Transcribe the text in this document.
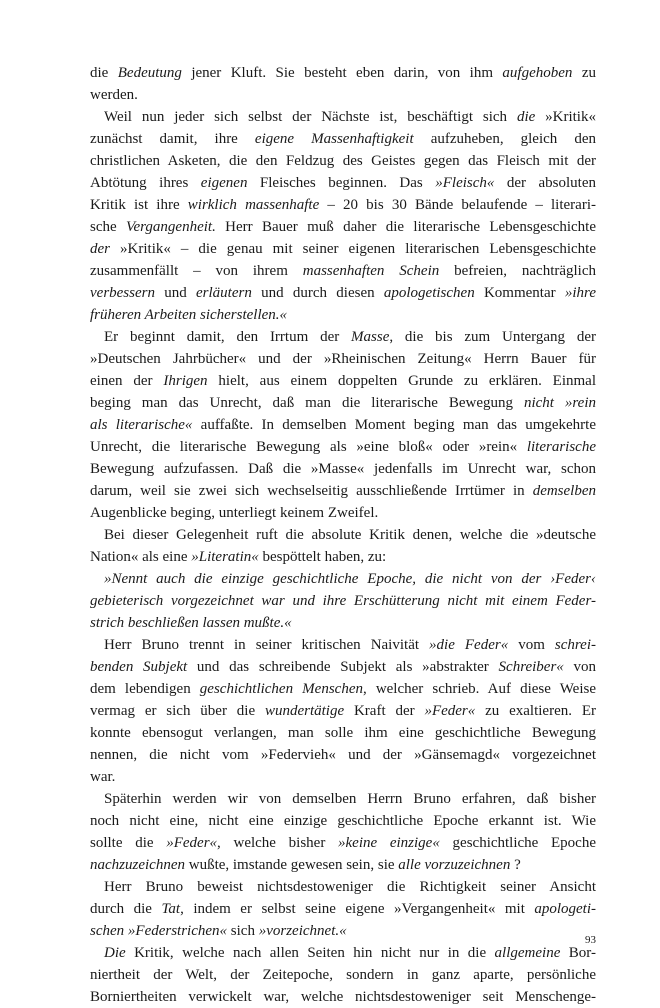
die Bedeutung jener Kluft. Sie besteht eben darin, von ihm aufgehoben zu
werden.
Weil nun jeder sich selbst der Nächste ist, beschäftigt sich die »Kritik«
zunächst damit, ihre eigene Massenhaftigkeit aufzuheben, gleich den
christlichen Asketen, die den Feldzug des Geistes gegen das Fleisch mit der
Abtötung ihres eigenen Fleisches beginnen. Das »Fleisch« der absoluten
Kritik ist ihre wirklich massenhafte – 20 bis 30 Bände belaufende – literari-
sche Vergangenheit. Herr Bauer muß daher die literarische Lebensgeschichte
der »Kritik« – die genau mit seiner eigenen literarischen Lebensgeschichte
zusammenfällt – von ihrem massenhaften Schein befreien, nachträglich
verbessern und erläutern und durch diesen apologetischen Kommentar »ihre
früheren Arbeiten sicherstellen.«
Er beginnt damit, den Irrtum der Masse, die bis zum Untergang der
»Deutschen Jahrbücher« und der »Rheinischen Zeitung« Herrn Bauer für
einen der Ihrigen hielt, aus einem doppelten Grunde zu erklären. Einmal
beging man das Unrecht, daß man die literarische Bewegung nicht »rein
als literarische« auffaßte. In demselben Moment beging man das umgekehrte
Unrecht, die literarische Bewegung als »eine bloß« oder »rein« literarische
Bewegung aufzufassen. Daß die »Masse« jedenfalls im Unrecht war, schon
darum, weil sie zwei sich wechselseitig ausschließende Irrtümer in demselben
Augenblicke beging, unterliegt keinem Zweifel.
Bei dieser Gelegenheit ruft die absolute Kritik denen, welche die »deutsche
Nation« als eine »Literatin« bespöttelt haben, zu:
»Nennt auch die einzige geschichtliche Epoche, die nicht von der ›Feder‹
gebieterisch vorgezeichnet war und ihre Erschütterung nicht mit einem Feder-
strich beschließen lassen mußte.«
Herr Bruno trennt in seiner kritischen Naivität »die Feder« vom schrei-
benden Subjekt und das schreibende Subjekt als »abstrakter Schreiber« von
dem lebendigen geschichtlichen Menschen, welcher schrieb. Auf diese Weise
vermag er sich über die wundertätige Kraft der »Feder« zu exaltieren. Er
konnte ebensogut verlangen, man solle ihm eine geschichtliche Bewegung
nennen, die nicht vom »Federvieh« und der »Gänsemagd« vorgezeichnet
war.
Späterhin werden wir von demselben Herrn Bruno erfahren, daß bisher
noch nicht eine, nicht eine einzige geschichtliche Epoche erkannt ist. Wie
sollte die »Feder«, welche bisher »keine einzige« geschichtliche Epoche
nachzuzeichnen wußte, imstande gewesen sein, sie alle vorzuzeichnen ?
Herr Bruno beweist nichtsdestoweniger die Richtigkeit seiner Ansicht
durch die Tat, indem er selbst seine eigene »Vergangenheit« mit apologeti-
schen »Federstrichen« sich »vorzeichnet.«
Die Kritik, welche nach allen Seiten hin nicht nur in die allgemeine Bor-
niertheit der Welt, der Zeitepoche, sondern in ganz aparte, persönliche
Borniertheiten verwickelt war, welche nichtsdestoweniger seit Menschenge-
93
